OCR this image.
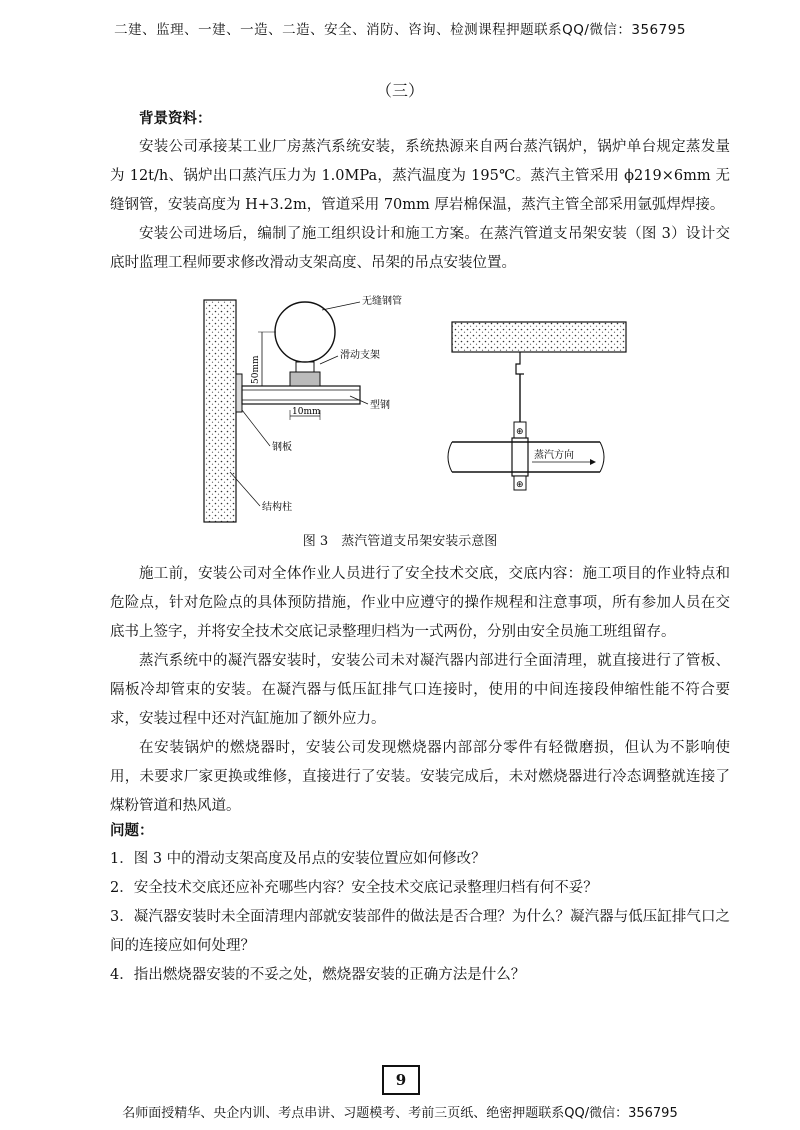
二建、监理、一建、一造、二造、安全、消防、咨询、检测课程押题联系QQ/微信：356795
（三）

背景资料：

安装公司承接某工业厂房蒸汽系统安装，系统热源来自两台蒸汽锅炉，锅炉单台规定蒸发量为 12t/h、锅炉出口蒸汽压力为 1.0MPa，蒸汽温度为 195℃。蒸汽主管采用 ϕ219×6mm 无缝钢管，安装高度为 H+3.2m，管道采用 70mm 厚岩棉保温，蒸汽主管全部采用氩弧焊焊接。

安装公司进场后，编制了施工组织设计和施工方案。在蒸汽管道支吊架安装（图 3）设计交底时监理工程师要求修改滑动支架高度、吊架的吊点安装位置。

50mm
10mm
无缝钢管
滑动支架
型钢
钢板
结构柱
⊕
⊕
蒸汽方向
图 3　蒸汽管道支吊架安装示意图

施工前，安装公司对全体作业人员进行了安全技术交底，交底内容：施工项目的作业特点和危险点，针对危险点的具体预防措施，作业中应遵守的操作规程和注意事项，所有参加人员在交底书上签字，并将安全技术交底记录整理归档为一式两份，分别由安全员施工班组留存。

蒸汽系统中的凝汽器安装时，安装公司未对凝汽器内部进行全面清理，就直接进行了管板、隔板冷却管束的安装。在凝汽器与低压缸排气口连接时，使用的中间连接段伸缩性能不符合要求，安装过程中还对汽缸施加了额外应力。

在安装锅炉的燃烧器时，安装公司发现燃烧器内部部分零件有轻微磨损，但认为不影响使用，未要求厂家更换或维修，直接进行了安装。安装完成后，未对燃烧器进行冷态调整就连接了煤粉管道和热风道。

问题：

1．图 3 中的滑动支架高度及吊点的安装位置应如何修改？

2．安全技术交底还应补充哪些内容？安全技术交底记录整理归档有何不妥？

3．凝汽器安装时未全面清理内部就安装部件的做法是否合理？为什么？凝汽器与低压缸排气口之间的连接应如何处理？

4．指出燃烧器安装的不妥之处，燃烧器安装的正确方法是什么？

9
名师面授精华、央企内训、考点串讲、习题模考、考前三页纸、绝密押题联系QQ/微信：356795
